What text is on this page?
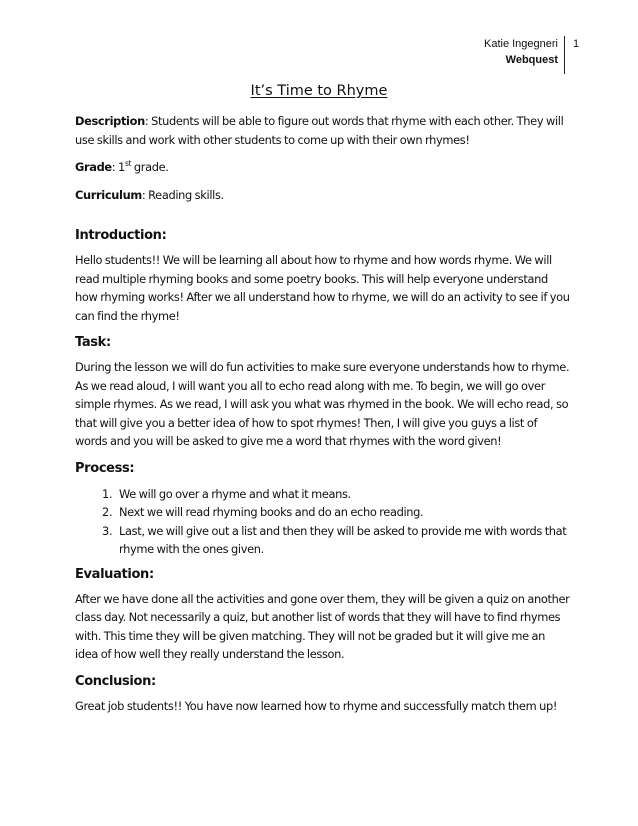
Katie Ingegneri
Webquest
1
It’s Time to Rhyme

Description: Students will be able to figure out words that rhyme with each other. They will use skills and work with other students to come up with their own rhymes!

Grade: 1st grade.

Curriculum: Reading skills.

Introduction:

Hello students!! We will be learning all about how to rhyme and how words rhyme. We will read multiple rhyming books and some poetry books. This will help everyone understand how rhyming works! After we all understand how to rhyme, we will do an activity to see if you can find the rhyme!

Task:

During the lesson we will do fun activities to make sure everyone understands how to rhyme. As we read aloud, I will want you all to echo read along with me. To begin, we will go over simple rhymes. As we read, I will ask you what was rhymed in the book. We will echo read, so that will give you a better idea of how to spot rhymes! Then, I will give you guys a list of words and you will be asked to give me a word that rhymes with the word given!

Process:

1. We will go over a rhyme and what it means.
2. Next we will read rhyming books and do an echo reading.
3. Last, we will give out a list and then they will be asked to provide me with words that rhyme with the ones given.

Evaluation:

After we have done all the activities and gone over them, they will be given a quiz on another class day. Not necessarily a quiz, but another list of words that they will have to find rhymes with. This time they will be given matching. They will not be graded but it will give me an idea of how well they really understand the lesson.

Conclusion:

Great job students!! You have now learned how to rhyme and successfully match them up!
